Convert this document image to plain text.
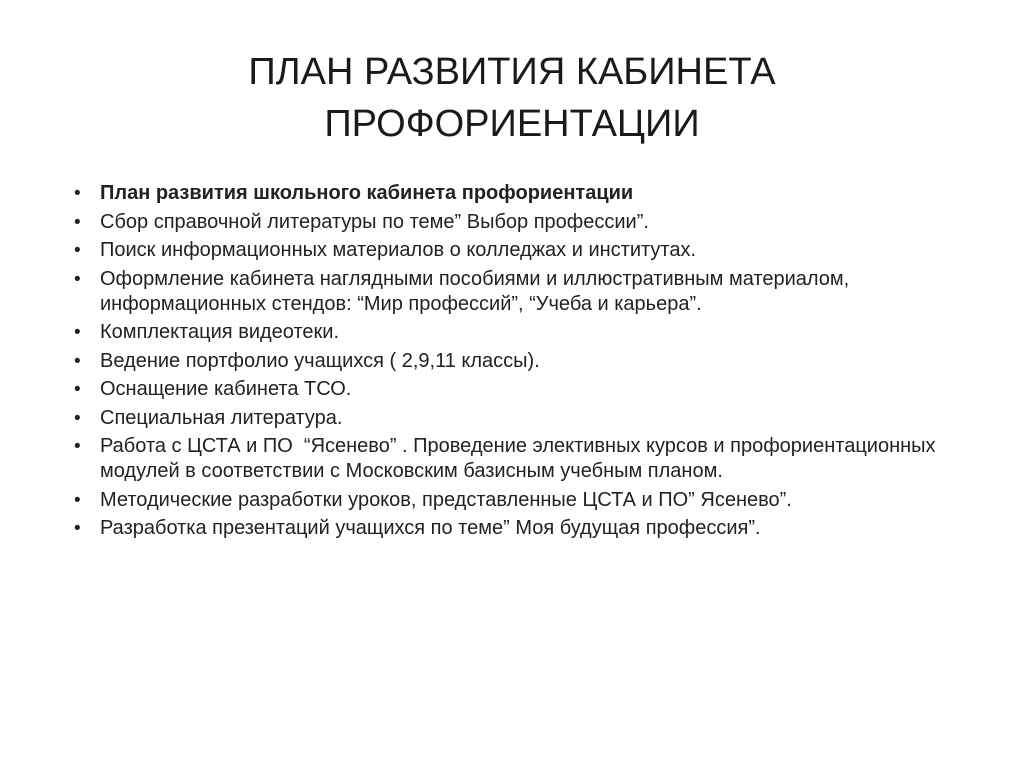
ПЛАН РАЗВИТИЯ КАБИНЕТА
ПРОФОРИЕНТАЦИИ
• План развития школьного кабинета профориентации
• Сбор справочной литературы по теме” Выбор профессии”.
• Поиск информационных материалов о колледжах и институтах.
• Оформление кабинета наглядными пособиями и иллюстративным материалом, информационных стендов: “Мир профессий”, “Учеба и карьера”.
• Комплектация видеотеки.
• Ведение портфолио учащихся ( 2,9,11 классы).
• Оснащение кабинета ТСО.
• Специальная литература.
• Работа с ЦСТА и ПО  “Ясенево” . Проведение элективных курсов и профориентационных  модулей в соответствии с Московским базисным учебным планом.
• Методические разработки уроков, представленные ЦСТА и ПО” Ясенево”.
• Разработка презентаций учащихся по теме” Моя будущая профессия”.
